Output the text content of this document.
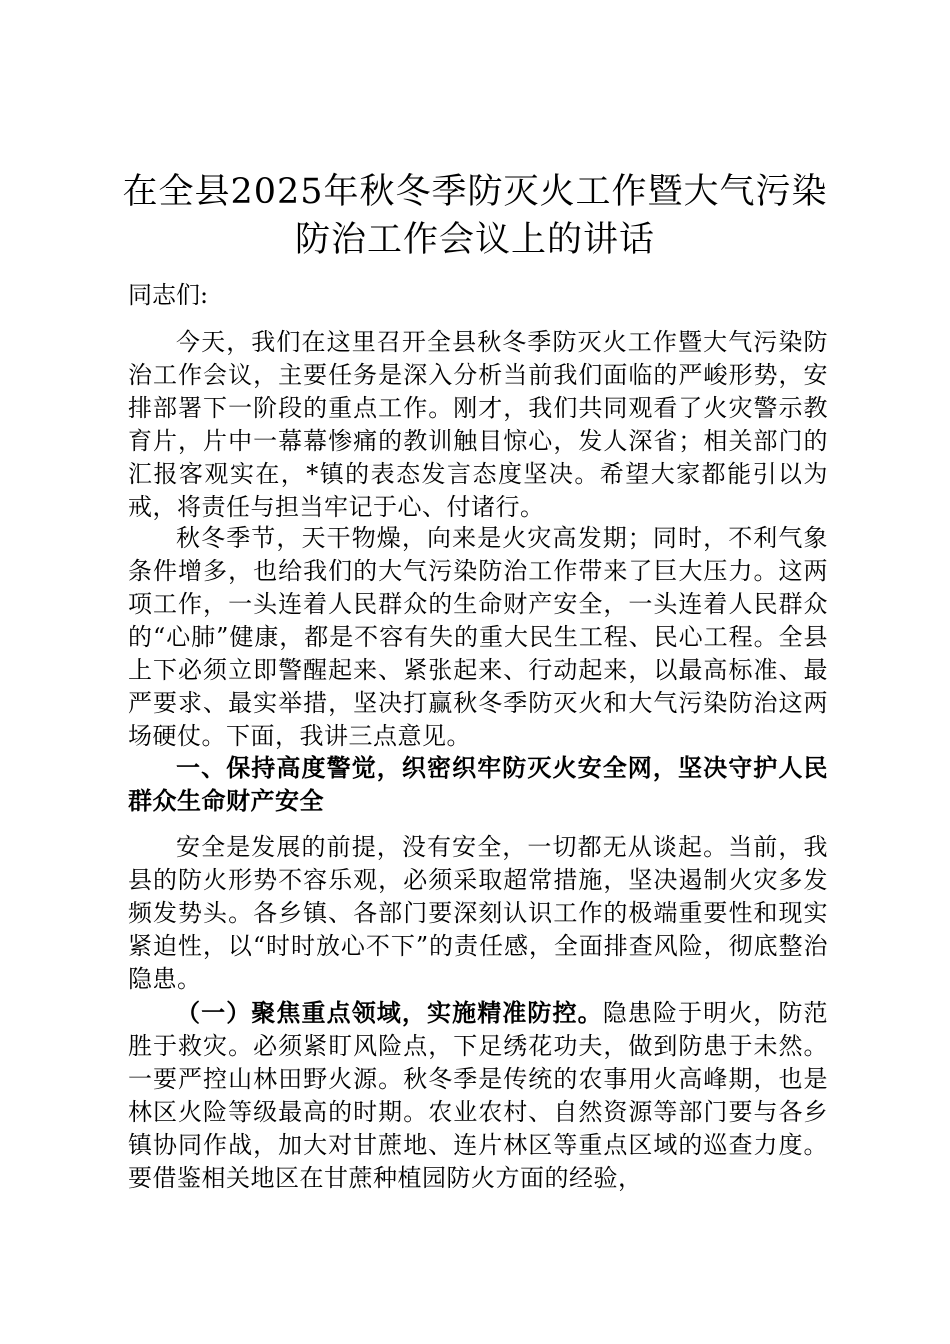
在全县2025年秋冬季防灭火工作暨大气污染
防治工作会议上的讲话

同志们:

今天，我们在这里召开全县秋冬季防灭火工作暨大气污染防治工作会议，主要任务是深入分析当前我们面临的严峻形势，安排部署下一阶段的重点工作。刚才，我们共同观看了火灾警示教育片，片中一幕幕惨痛的教训触目惊心，发人深省；相关部门的汇报客观实在，*镇的表态发言态度坚决。希望大家都能引以为戒，将责任与担当牢记于心、付诸行。

秋冬季节，天干物燥，向来是火灾高发期；同时，不利气象条件增多，也给我们的大气污染防治工作带来了巨大压力。这两项工作，一头连着人民群众的生命财产安全，一头连着人民群众的“心肺”健康，都是不容有失的重大民生工程、民心工程。全县上下必须立即警醒起来、紧张起来、行动起来，以最高标准、最严要求、最实举措，坚决打赢秋冬季防灭火和大气污染防治这两场硬仗。下面，我讲三点意见。

一、保持高度警觉，织密织牢防灭火安全网，坚决守护人民群众生命财产安全

安全是发展的前提，没有安全，一切都无从谈起。当前，我县的防火形势不容乐观，必须采取超常措施，坚决遏制火灾多发频发势头。各乡镇、各部门要深刻认识工作的极端重要性和现实紧迫性，以“时时放心不下”的责任感，全面排查风险，彻底整治隐患。

（一）聚焦重点领域，实施精准防控。隐患险于明火，防范胜于救灾。必须紧盯风险点，下足绣花功夫，做到防患于未然。一要严控山林田野火源。秋冬季是传统的农事用火高峰期，也是林区火险等级最高的时期。农业农村、自然资源等部门要与各乡镇协同作战，加大对甘蔗地、连片林区等重点区域的巡查力度。要借鉴相关地区在甘蔗种植园防火方面的经验，
